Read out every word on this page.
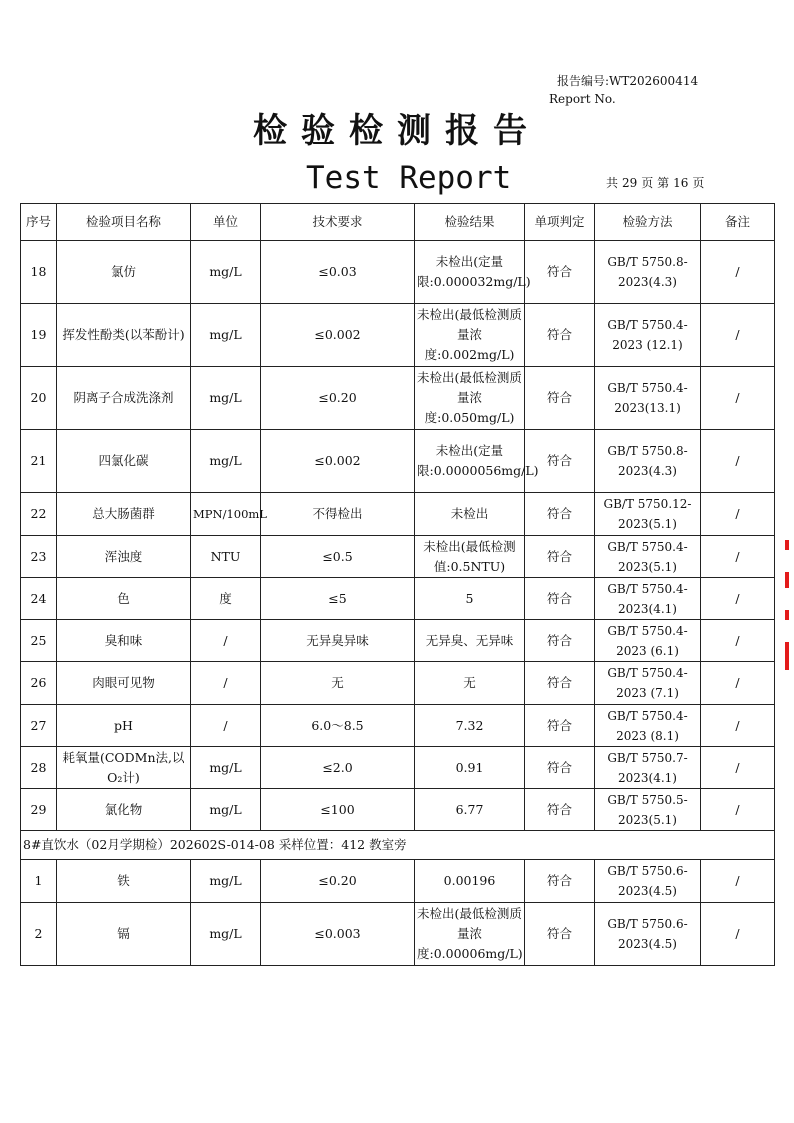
报告编号:WT202600414
Report No.
检验检测报告
Test Report	共 29 页 第 16 页
序号	检验项目名称	单位	技术要求	检验结果	单项判定	检验方法	备注
18	氯仿	mg/L	≤0.03	未检出(定量限:0.000032mg/L)	符合	GB/T 5750.8-2023(4.3)	/
19	挥发性酚类(以苯酚计)	mg/L	≤0.002	未检出(最低检测质量浓度:0.002mg/L)	符合	GB/T 5750.4-2023 (12.1)	/
20	阴离子合成洗涤剂	mg/L	≤0.20	未检出(最低检测质量浓度:0.050mg/L)	符合	GB/T 5750.4-2023(13.1)	/
21	四氯化碳	mg/L	≤0.002	未检出(定量限:0.0000056mg/L)	符合	GB/T 5750.8-2023(4.3)	/
22	总大肠菌群	MPN/100mL	不得检出	未检出	符合	GB/T 5750.12-2023(5.1)	/
23	浑浊度	NTU	≤0.5	未检出(最低检测值:0.5NTU)	符合	GB/T 5750.4-2023(5.1)	/
24	色	度	≤5	5	符合	GB/T 5750.4-2023(4.1)	/
25	臭和味	/	无异臭异味	无异臭、无异味	符合	GB/T 5750.4-2023 (6.1)	/
26	肉眼可见物	/	无	无	符合	GB/T 5750.4-2023 (7.1)	/
27	pH	/	6.0～8.5	7.32	符合	GB/T 5750.4-2023 (8.1)	/
28	耗氧量(CODMn法,以O₂计)	mg/L	≤2.0	0.91	符合	GB/T 5750.7-2023(4.1)	/
29	氯化物	mg/L	≤100	6.77	符合	GB/T 5750.5-2023(5.1)	/
8#直饮水（02月学期检）202602S-014-08 采样位置：412 教室旁							
1	铁	mg/L	≤0.20	0.00196	符合	GB/T 5750.6-2023(4.5)	/
2	镉	mg/L	≤0.003	未检出(最低检测质量浓度:0.00006mg/L)	符合	GB/T 5750.6-2023(4.5)	/
